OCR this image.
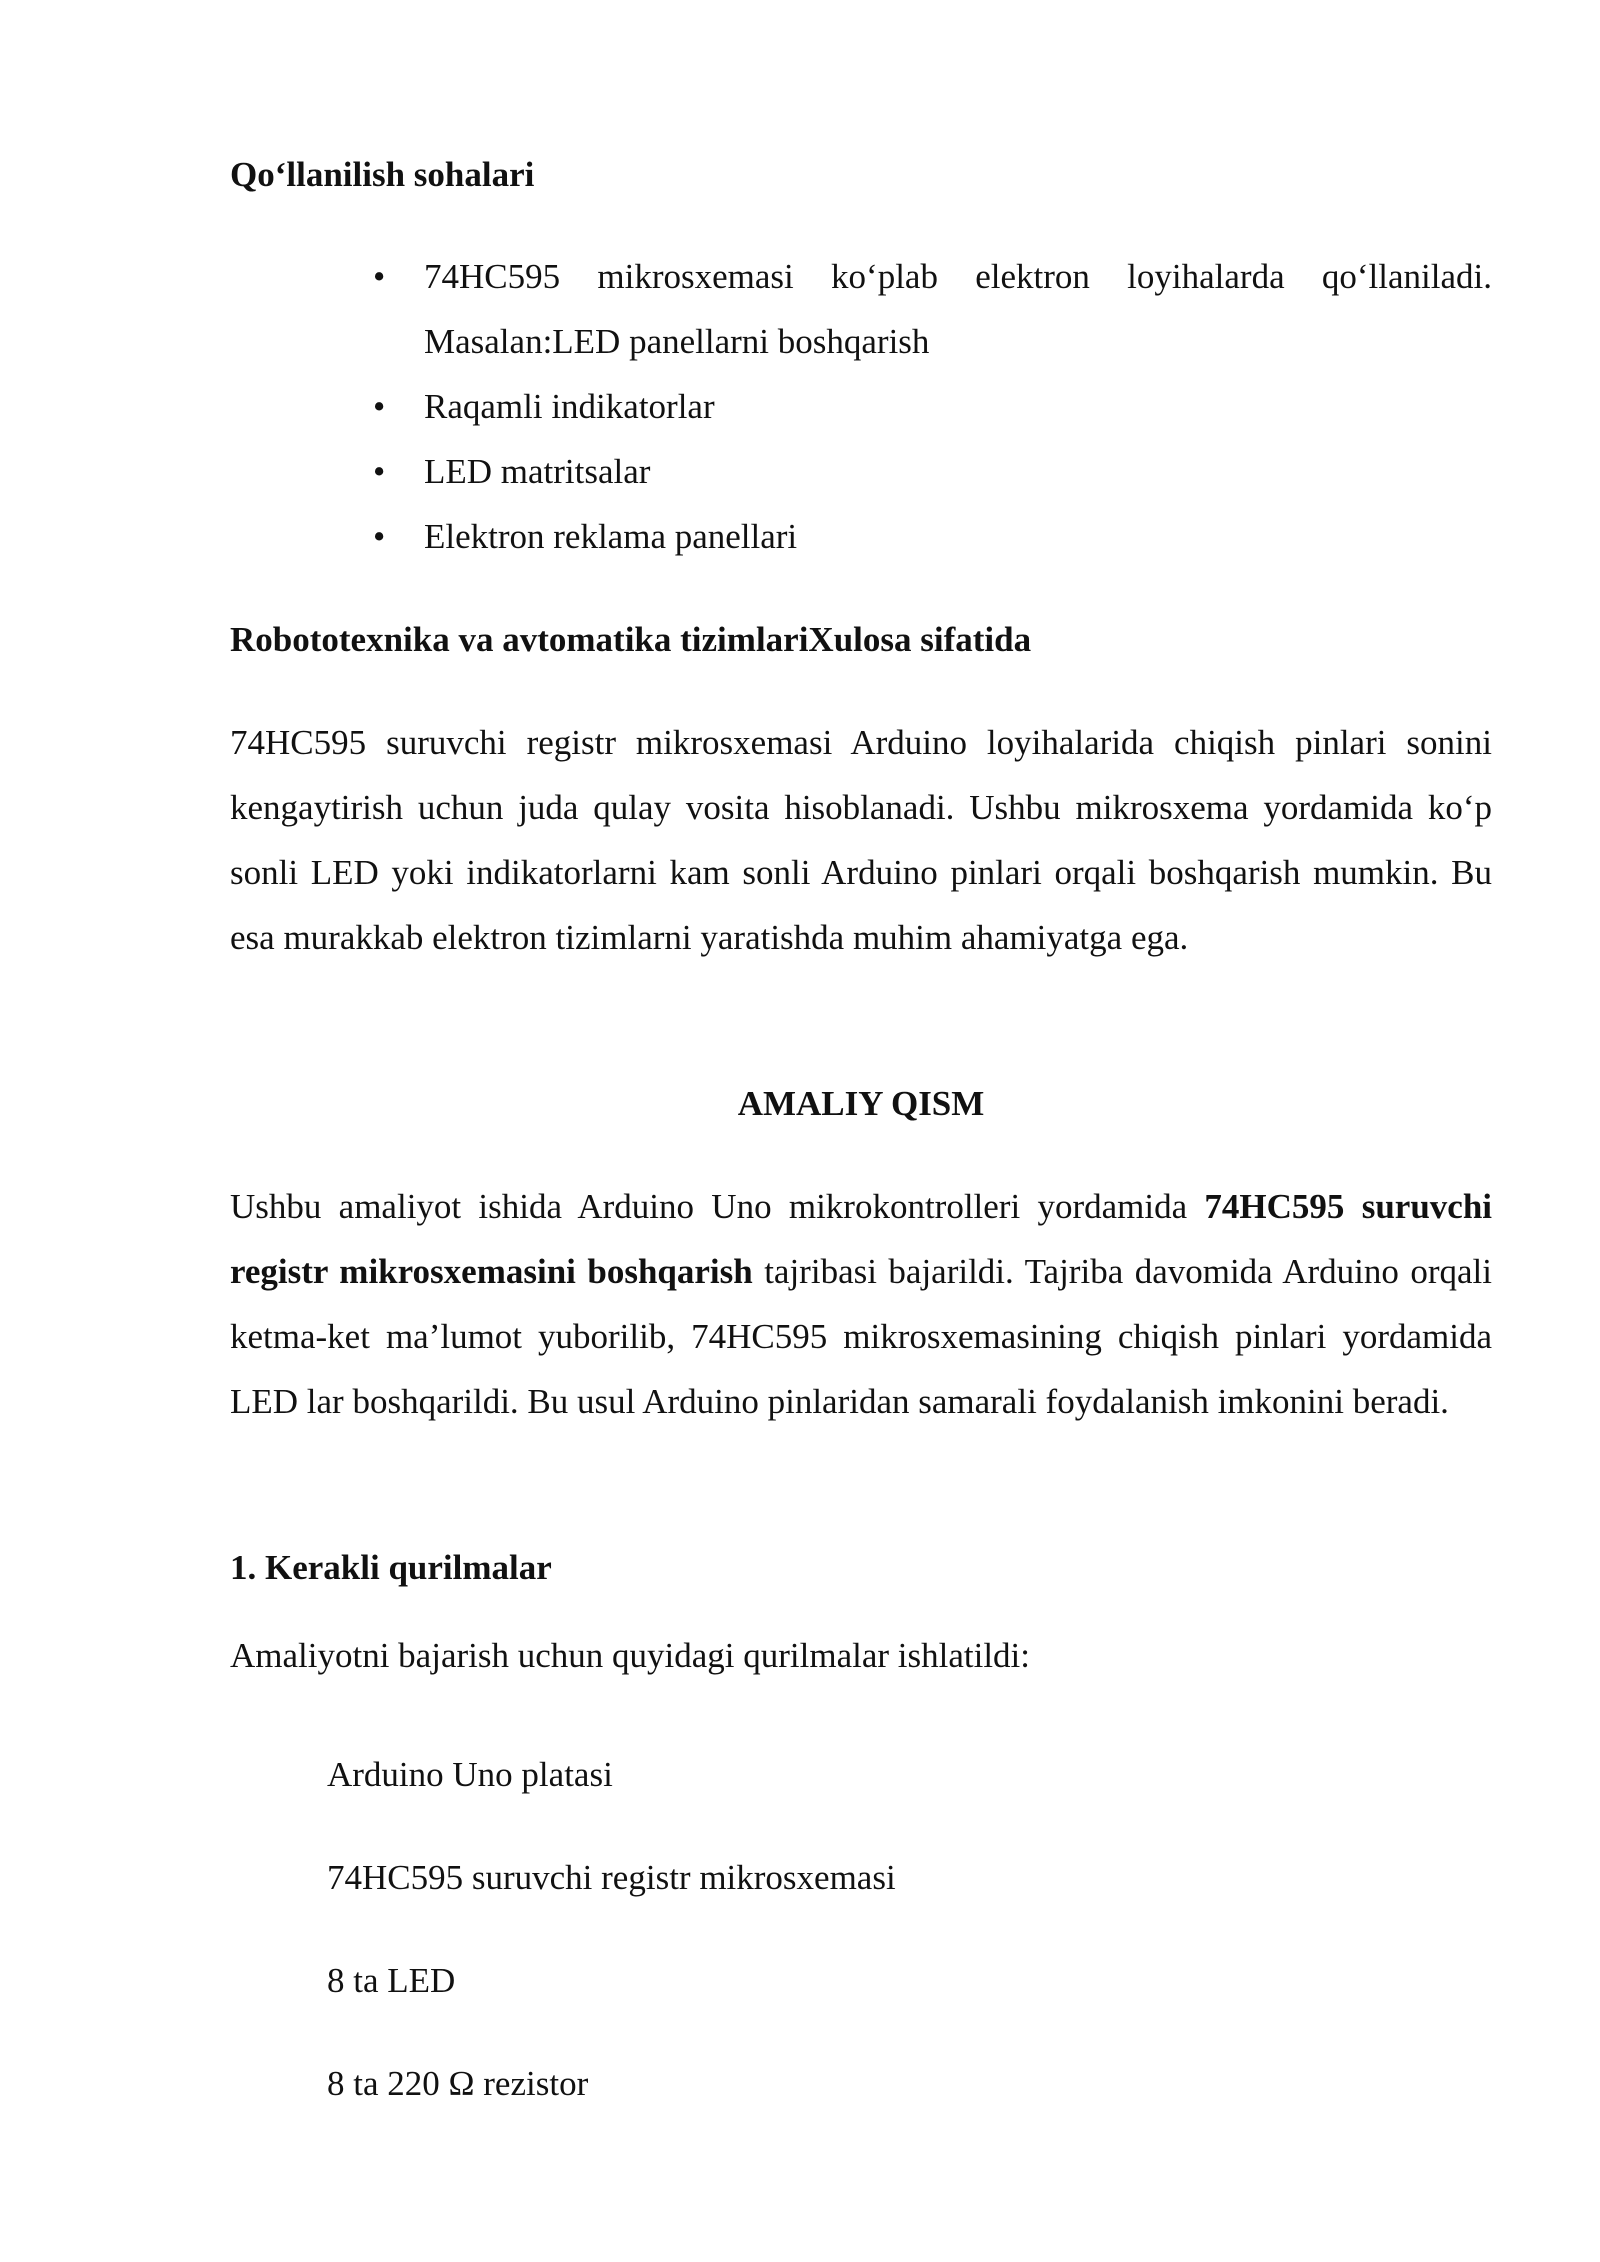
Qo‘llanilish sohalari
• 74HC595 mikrosxemasi ko‘plab elektron loyihalarda qo‘llaniladi. Masalan:LED panellarni boshqarish
• Raqamli indikatorlar
• LED matritsalar
• Elektron reklama panellari
Robototexnika va avtomatika tizimlariXulosa sifatida
74HC595 suruvchi registr mikrosxemasi Arduino loyihalarida chiqish pinlari sonini kengaytirish uchun juda qulay vosita hisoblanadi. Ushbu mikrosxema yordamida ko‘p sonli LED yoki indikatorlarni kam sonli Arduino pinlari orqali boshqarish mumkin. Bu esa murakkab elektron tizimlarni yaratishda muhim ahamiyatga ega.
AMALIY QISM
Ushbu amaliyot ishida Arduino Uno mikrokontrolleri yordamida 74HC595 suruvchi registr mikrosxemasini boshqarish tajribasi bajarildi. Tajriba davomida Arduino orqali ketma-ket ma’lumot yuborilib, 74HC595 mikrosxemasining chiqish pinlari yordamida LED lar boshqarildi. Bu usul Arduino pinlaridan samarali foydalanish imkonini beradi.
1. Kerakli qurilmalar
Amaliyotni bajarish uchun quyidagi qurilmalar ishlatildi:
Arduino Uno platasi
74HC595 suruvchi registr mikrosxemasi
8 ta LED
8 ta 220 Ω rezistor
